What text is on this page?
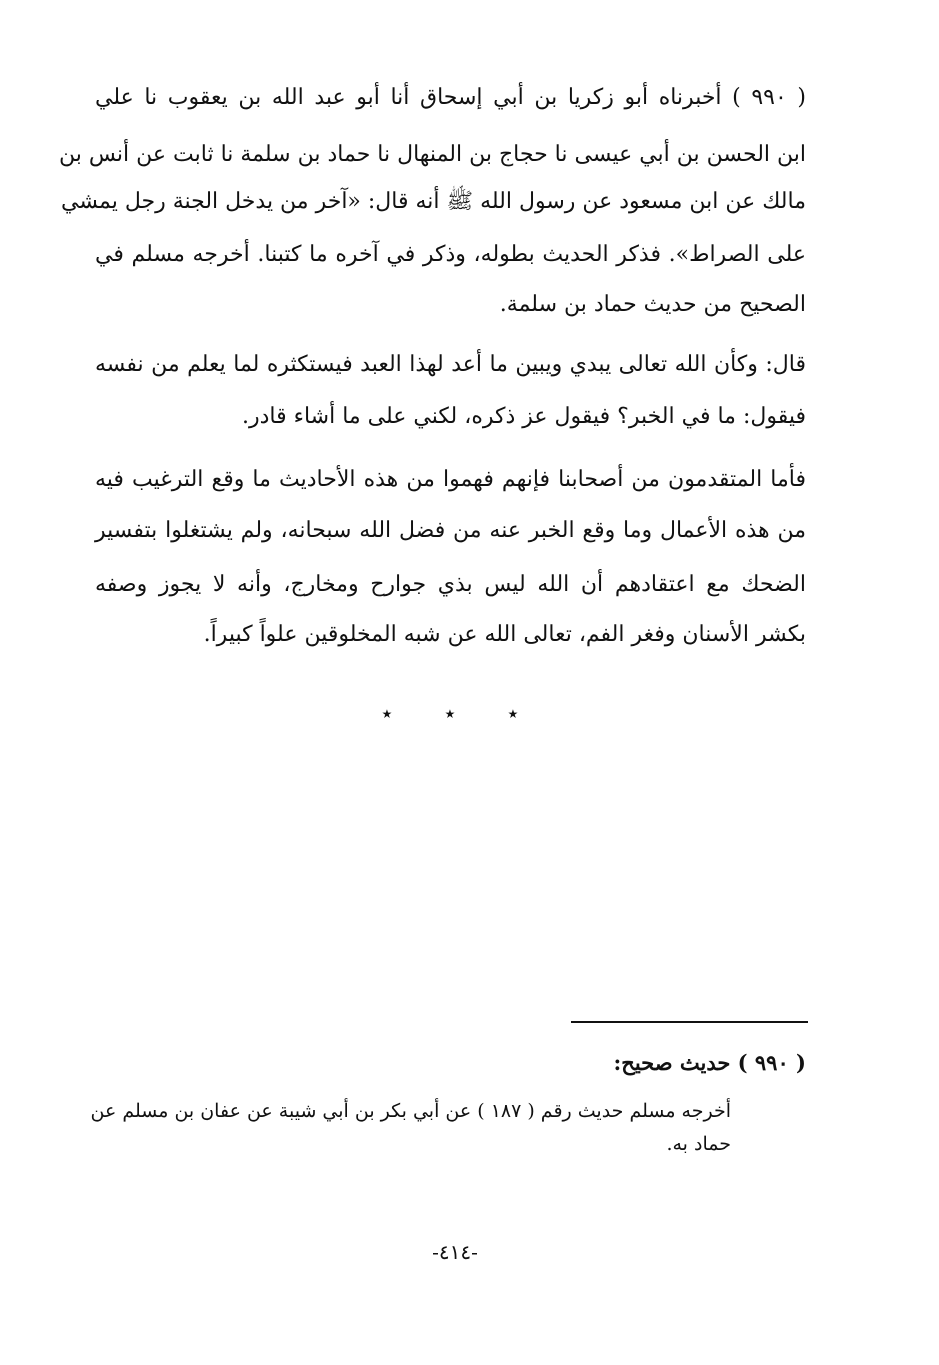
( ٩٩٠ ) أخبرناه أبو زكريا بن أبي إسحاق أنا أبو عبد الله بن يعقوب نا علي

ابن الحسن بن أبي عيسى نا حجاج بن المنهال نا حماد بن سلمة نا ثابت عن أنس بن

مالك عن ابن مسعود عن رسول الله ﷺ أنه قال: «آخر من يدخل الجنة رجل يمشي

على الصراط». فذكر الحديث بطوله، وذكر في آخره ما كتبنا. أخرجه مسلم في

الصحيح من حديث حماد بن سلمة.

قال: وكأن الله تعالى يبدي ويبين ما أعد لهذا العبد فيستكثره لما يعلم من نفسه

فيقول: ما في الخبر؟ فيقول عز ذكره، لكني على ما أشاء قادر.

فأما المتقدمون من أصحابنا فإنهم فهموا من هذه الأحاديث ما وقع الترغيب فيه

من هذه الأعمال وما وقع الخبر عنه من فضل الله سبحانه، ولم يشتغلوا بتفسير

الضحك مع اعتقادهم أن الله ليس بذي جوارح ومخارج، وأنه لا يجوز وصفه

بكشر الأسنان وفغر الفم، تعالى الله عن شبه المخلوقين علواً كبيراً.

٭	٭	٭
( ٩٩٠ ) حديث صحيح:
أخرجه مسلم حديث رقم ( ١٨٧ ) عن أبي بكر بن أبي شيبة عن عفان بن مسلم عن
حماد به.
-٤١٤-
